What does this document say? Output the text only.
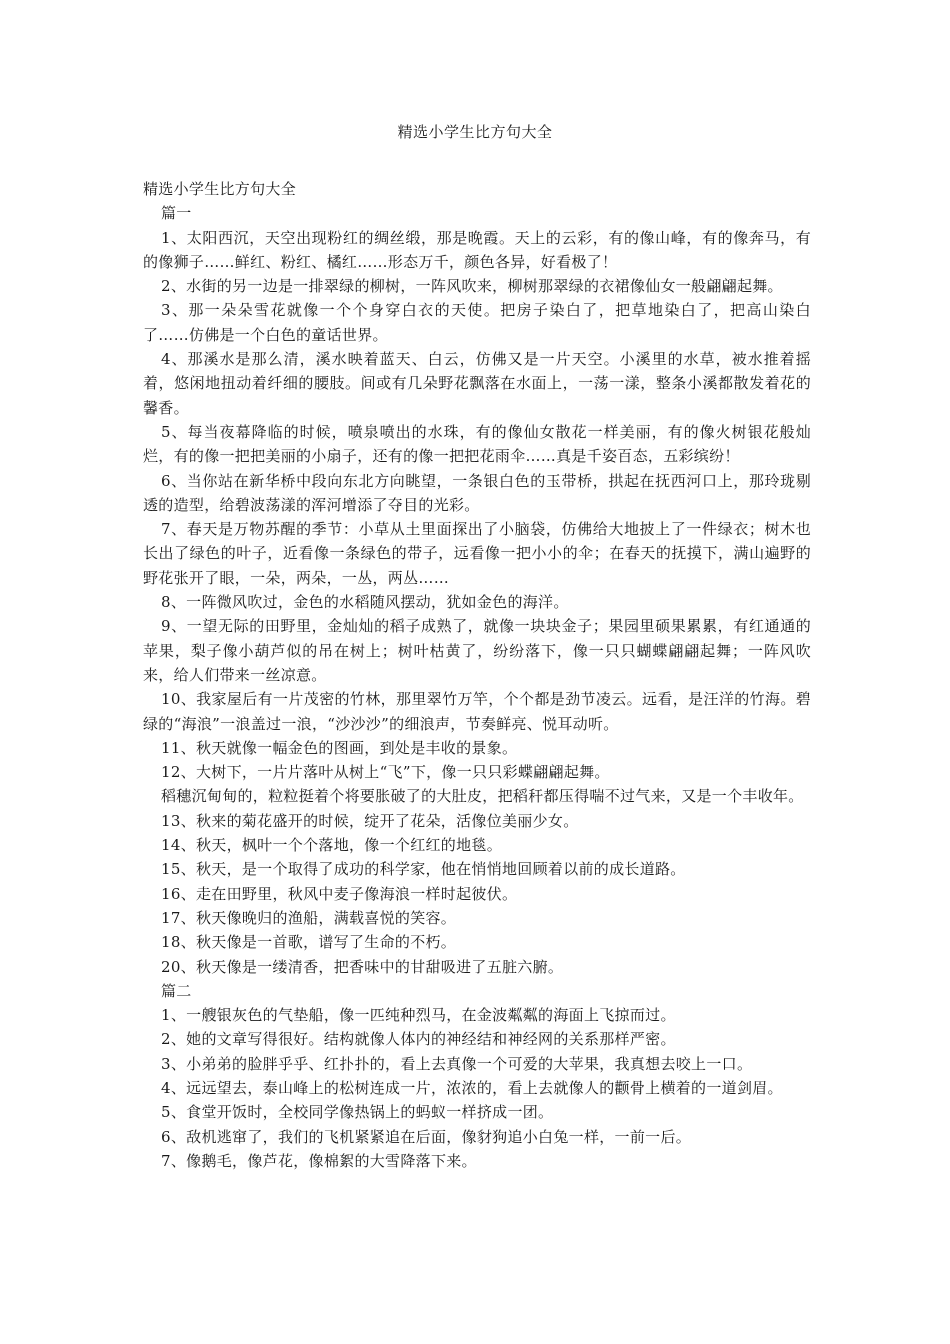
精选小学生比方句大全

精选小学生比方句大全

篇一

1、太阳西沉，天空出现粉红的绸丝缎，那是晚霞。天上的云彩，有的像山峰，有的像奔马，有的像狮子……鲜红、粉红、橘红……形态万千，颜色各异，好看极了！

2、水街的另一边是一排翠绿的柳树，一阵风吹来，柳树那翠绿的衣裙像仙女一般翩翩起舞。

3、那一朵朵雪花就像一个个身穿白衣的天使。把房子染白了，把草地染白了，把高山染白了……仿佛是一个白色的童话世界。

4、那溪水是那么清，溪水映着蓝天、白云，仿佛又是一片天空。小溪里的水草，被水推着摇着，悠闲地扭动着纤细的腰肢。间或有几朵野花飘落在水面上，一荡一漾，整条小溪都散发着花的馨香。

5、每当夜幕降临的时候，喷泉喷出的水珠，有的像仙女散花一样美丽，有的像火树银花般灿烂，有的像一把把美丽的小扇子，还有的像一把把花雨伞……真是千姿百态，五彩缤纷！

6、当你站在新华桥中段向东北方向眺望，一条银白色的玉带桥，拱起在抚西河口上，那玲珑剔透的造型，给碧波荡漾的浑河增添了夺目的光彩。

7、春天是万物苏醒的季节：小草从土里面探出了小脑袋，仿佛给大地披上了一件绿衣；树木也长出了绿色的叶子，近看像一条绿色的带子，远看像一把小小的伞；在春天的抚摸下，满山遍野的野花张开了眼，一朵，两朵，一丛，两丛……

8、一阵微风吹过，金色的水稻随风摆动，犹如金色的海洋。

9、一望无际的田野里，金灿灿的稻子成熟了，就像一块块金子；果园里硕果累累，有红通通的苹果，梨子像小葫芦似的吊在树上；树叶枯黄了，纷纷落下，像一只只蝴蝶翩翩起舞；一阵风吹来，给人们带来一丝凉意。

10、我家屋后有一片茂密的竹林，那里翠竹万竿，个个都是劲节凌云。远看，是汪洋的竹海。碧绿的“海浪”一浪盖过一浪，“沙沙沙”的细浪声，节奏鲜亮、悦耳动听。

11、秋天就像一幅金色的图画，到处是丰收的景象。

12、大树下，一片片落叶从树上“飞”下，像一只只彩蝶翩翩起舞。

稻穗沉甸甸的，粒粒挺着个将要胀破了的大肚皮，把稻秆都压得喘不过气来，又是一个丰收年。

13、秋来的菊花盛开的时候，绽开了花朵，活像位美丽少女。

14、秋天，枫叶一个个落地，像一个红红的地毯。

15、秋天，是一个取得了成功的科学家，他在悄悄地回顾着以前的成长道路。

16、走在田野里，秋风中麦子像海浪一样时起彼伏。

17、秋天像晚归的渔船，满载喜悦的笑容。

18、秋天像是一首歌，谱写了生命的不朽。

20、秋天像是一缕清香，把香味中的甘甜吸进了五脏六腑。

篇二

1、一艘银灰色的气垫船，像一匹纯种烈马，在金波粼粼的海面上飞掠而过。

2、她的文章写得很好。结构就像人体内的神经结和神经网的关系那样严密。

3、小弟弟的脸胖乎乎、红扑扑的，看上去真像一个可爱的大苹果，我真想去咬上一口。

4、远远望去，泰山峰上的松树连成一片，浓浓的，看上去就像人的颧骨上横着的一道剑眉。

5、食堂开饭时，全校同学像热锅上的蚂蚁一样挤成一团。

6、敌机逃窜了，我们的飞机紧紧追在后面，像豺狗追小白兔一样，一前一后。

7、像鹅毛，像芦花，像棉絮的大雪降落下来。
